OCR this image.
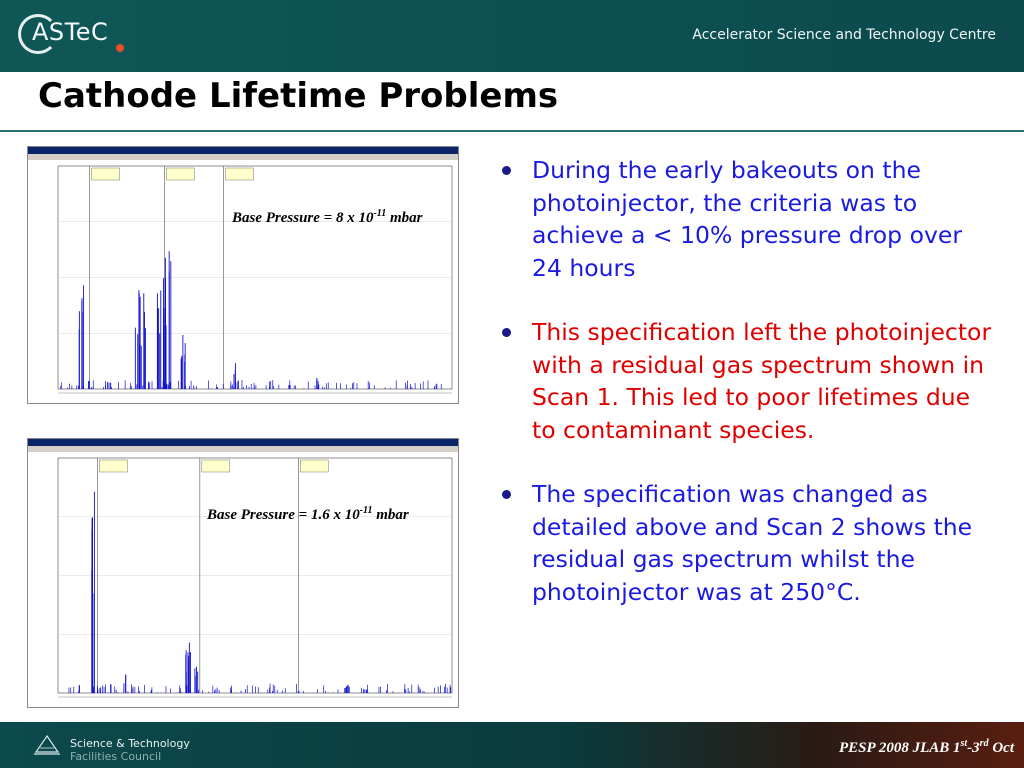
ASTeC	Accelerator Science and Technology Centre
Cathode Lifetime Problems
Base Pressure = 8 x $10^{-11}$ mbar
Base Pressure = 1.6 x $10^{-11}$ mbar
During the early bakeouts on the photoinjector, the criteria was to achieve a < 10% pressure drop over 24 hours
This specification left the photoinjector with a residual gas spectrum shown in Scan 1. This led to poor lifetimes due to contaminant species.
The specification was changed as detailed above and Scan 2 shows the residual gas spectrum whilst the photoinjector was at 250°C.
Science & Technology
Facilities Council
PESP 2008 JLAB 1st-3rd Oct
